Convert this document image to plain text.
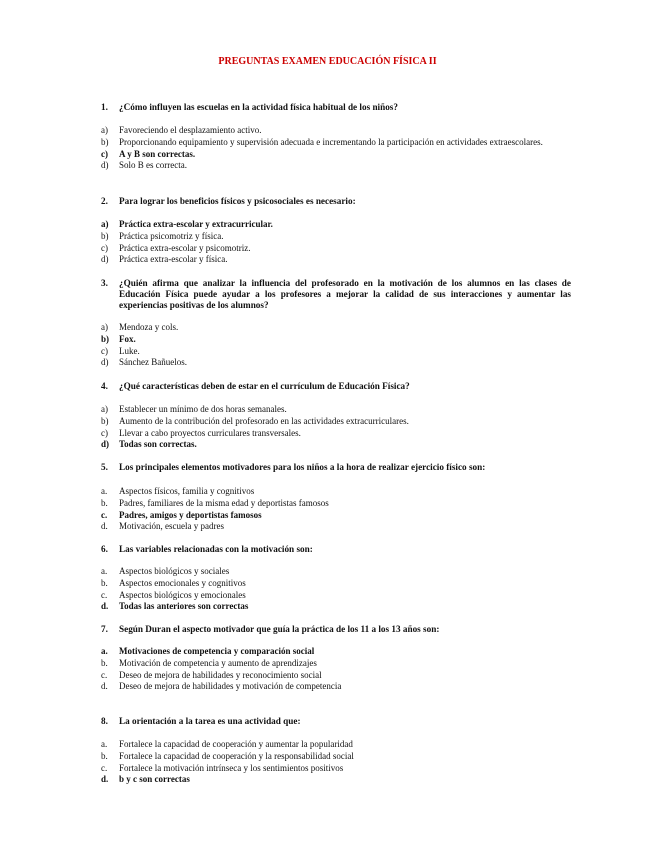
PREGUNTAS EXAMEN EDUCACIÓN FÍSICA II
1. ¿Cómo influyen las escuelas en la actividad física habitual de los niños?
a) Favoreciendo el desplazamiento activo.
b) Proporcionando equipamiento y supervisión adecuada e incrementando la participación en actividades extraescolares.
c) A y B son correctas.
d) Solo B es correcta.
2. Para lograr los beneficios físicos y psicosociales es necesario:
a) Práctica extra-escolar y extracurricular.
b) Práctica psicomotriz y física.
c) Práctica extra-escolar y psicomotriz.
d) Práctica extra-escolar y física.
3. ¿Quién afirma que analizar la influencia del profesorado en la motivación de los alumnos en las clases de Educación Física puede ayudar a los profesores a mejorar la calidad de sus interacciones y aumentar las experiencias positivas de los alumnos?
a) Mendoza y cols.
b) Fox.
c) Luke.
d) Sánchez Bañuelos.
4. ¿Qué características deben de estar en el currículum de Educación Física?
a) Establecer un mínimo de dos horas semanales.
b) Aumento de la contribución del profesorado en las actividades extracurriculares.
c) Llevar a cabo proyectos curriculares transversales.
d) Todas son correctas.
5. Los principales elementos motivadores para los niños a la hora de realizar ejercicio físico son:
a. Aspectos físicos, familia y cognitivos
b. Padres, familiares de la misma edad y deportistas famosos
c. Padres, amigos y deportistas famosos
d. Motivación, escuela y padres
6. Las variables relacionadas con la motivación son:
a. Aspectos biológicos y sociales
b. Aspectos emocionales y cognitivos
c. Aspectos biológicos y emocionales
d. Todas las anteriores son correctas
7. Según Duran el aspecto motivador que guía la práctica de los 11 a los 13 años son:
a. Motivaciones de competencia y comparación social
b. Motivación de competencia y aumento de aprendizajes
c. Deseo de mejora de habilidades y reconocimiento social
d. Deseo de mejora de habilidades y motivación de competencia
8. La orientación a la tarea es una actividad que:
a. Fortalece la capacidad de cooperación y aumentar la popularidad
b. Fortalece la capacidad de cooperación y la responsabilidad social
c. Fortalece la motivación intrínseca y los sentimientos positivos
d. b y c son correctas
